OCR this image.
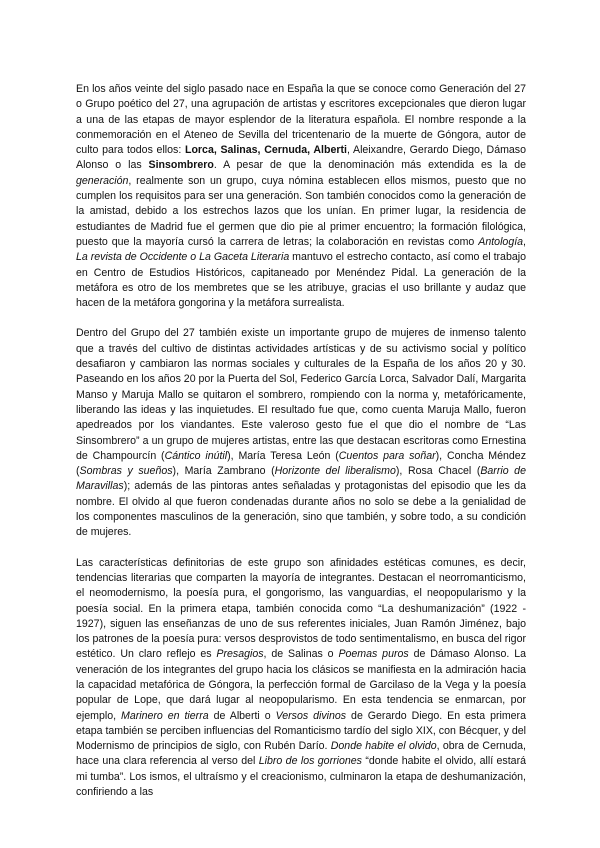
En los años veinte del siglo pasado nace en España la que se conoce como Generación del 27 o Grupo poético del 27, una agrupación de artistas y escritores excepcionales que dieron lugar a una de las etapas de mayor esplendor de la literatura española. El nombre responde a la conmemoración en el Ateneo de Sevilla del tricentenario de la muerte de Góngora, autor de culto para todos ellos: Lorca, Salinas, Cernuda, Alberti, Aleixandre, Gerardo Diego, Dámaso Alonso o las Sinsombrero. A pesar de que la denominación más extendida es la de generación, realmente son un grupo, cuya nómina establecen ellos mismos, puesto que no cumplen los requisitos para ser una generación. Son también conocidos como la generación de la amistad, debido a los estrechos lazos que los unían. En primer lugar, la residencia de estudiantes de Madrid fue el germen que dio pie al primer encuentro; la formación filológica, puesto que la mayoría cursó la carrera de letras; la colaboración en revistas como Antología, La revista de Occidente o La Gaceta Literaria mantuvo el estrecho contacto, así como el trabajo en Centro de Estudios Históricos, capitaneado por Menéndez Pidal. La generación de la metáfora es otro de los membretes que se les atribuye, gracias el uso brillante y audaz que hacen de la metáfora gongorina y la metáfora surrealista.

Dentro del Grupo del 27 también existe un importante grupo de mujeres de inmenso talento que a través del cultivo de distintas actividades artísticas y de su activismo social y político desafiaron y cambiaron las normas sociales y culturales de la España de los años 20 y 30. Paseando en los años 20 por la Puerta del Sol, Federico García Lorca, Salvador Dalí, Margarita Manso y Maruja Mallo se quitaron el sombrero, rompiendo con la norma y, metafóricamente, liberando las ideas y las inquietudes. El resultado fue que, como cuenta Maruja Mallo, fueron apedreados por los viandantes. Este valeroso gesto fue el que dio el nombre de “Las Sinsombrero” a un grupo de mujeres artistas, entre las que destacan escritoras como Ernestina de Champourcín (Cántico inútil), María Teresa León (Cuentos para soñar), Concha Méndez (Sombras y sueños), María Zambrano (Horizonte del liberalismo), Rosa Chacel (Barrio de Maravillas); además de las pintoras antes señaladas y protagonistas del episodio que les da nombre. El olvido al que fueron condenadas durante años no solo se debe a la genialidad de los componentes masculinos de la generación, sino que también, y sobre todo, a su condición de mujeres.

Las características definitorias de este grupo son afinidades estéticas comunes, es decir, tendencias literarias que comparten la mayoría de integrantes. Destacan el neorromanticismo, el neomodernismo, la poesía pura, el gongorismo, las vanguardias, el neopopularismo y la poesía social. En la primera etapa, también conocida como “La deshumanización” (1922 - 1927), siguen las enseñanzas de uno de sus referentes iniciales, Juan Ramón Jiménez, bajo los patrones de la poesía pura: versos desprovistos de todo sentimentalismo, en busca del rigor estético. Un claro reflejo es Presagios, de Salinas o Poemas puros de Dámaso Alonso. La veneración de los integrantes del grupo hacia los clásicos se manifiesta en la admiración hacia la capacidad metafórica de Góngora, la perfección formal de Garcilaso de la Vega y la poesía popular de Lope, que dará lugar al neopopularismo. En esta tendencia se enmarcan, por ejemplo, Marinero en tierra de Alberti o Versos divinos de Gerardo Diego. En esta primera etapa también se perciben influencias del Romanticismo tardío del siglo XIX, con Bécquer, y del Modernismo de principios de siglo, con Rubén Darío. Donde habite el olvido, obra de Cernuda, hace una clara referencia al verso del Libro de los gorriones “donde habite el olvido, allí estará mi tumba”. Los ismos, el ultraísmo y el creacionismo, culminaron la etapa de deshumanización, confiriendo a las
